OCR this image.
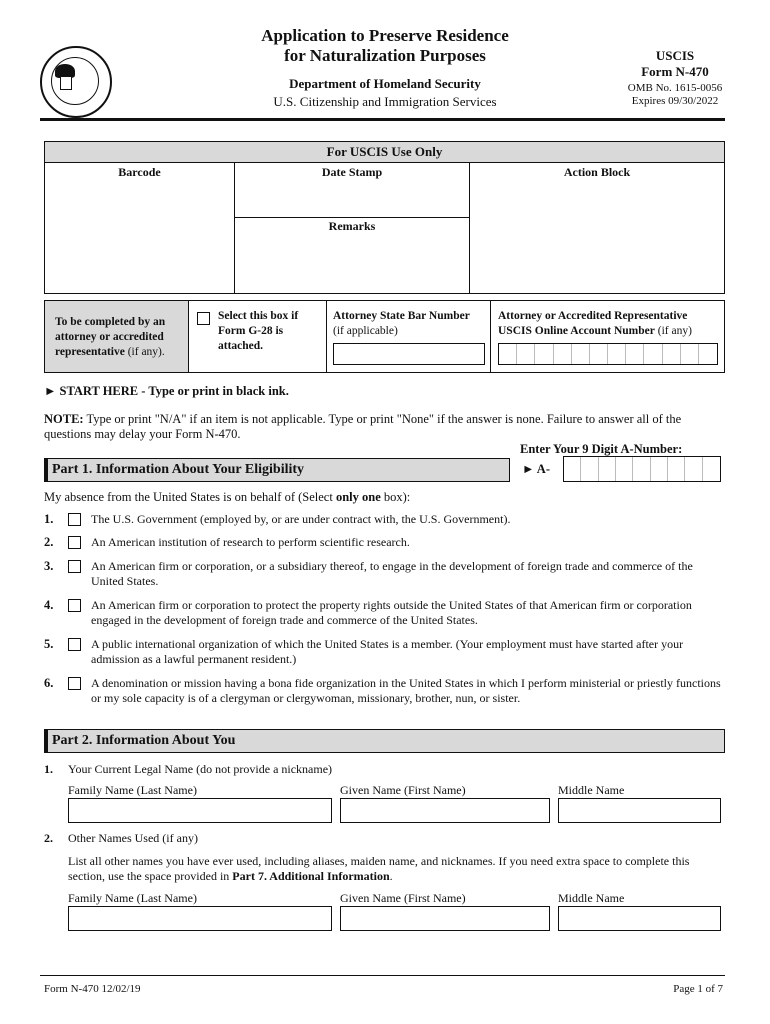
Application to Preserve Residence
for Naturalization Purposes
Department of Homeland Security
U.S. Citizenship and Immigration Services
USCIS
Form N-470
OMB No. 1615-0056
Expires 09/30/2022
For USCIS Use Only
Barcode	Date Stamp	Action Block
Remarks
To be completed by an attorney or accredited representative (if any).
Select this box if Form G-28 is attached.
Attorney State Bar Number
(if applicable)
Attorney or Accredited Representative USCIS Online Account Number (if any)
► START HERE - Type or print in black ink.
NOTE: Type or print "N/A" if an item is not applicable. Type or print "None" if the answer is none. Failure to answer all of the questions may delay your Form N-470.
Enter Your 9 Digit A-Number:
► A-
Part 1. Information About Your Eligibility
My absence from the United States is on behalf of (Select only one box):
1.	The U.S. Government (employed by, or are under contract with, the U.S. Government).
2.	An American institution of research to perform scientific research.
3.	An American firm or corporation, or a subsidiary thereof, to engage in the development of foreign trade and commerce of the United States.
4.	An American firm or corporation to protect the property rights outside the United States of that American firm or corporation engaged in the development of foreign trade and commerce of the United States.
5.	A public international organization of which the United States is a member. (Your employment must have started after your admission as a lawful permanent resident.)
6.	A denomination or mission having a bona fide organization in the United States in which I perform ministerial or priestly functions or my sole capacity is of a clergyman or clergywoman, missionary, brother, nun, or sister.
Part 2. Information About You
1. Your Current Legal Name (do not provide a nickname)
Family Name (Last Name)	Given Name (First Name)	Middle Name
2. Other Names Used (if any)
List all other names you have ever used, including aliases, maiden name, and nicknames. If you need extra space to complete this section, use the space provided in Part 7. Additional Information.
Family Name (Last Name)	Given Name (First Name)	Middle Name
Form N-470 12/02/19	Page 1 of 7
